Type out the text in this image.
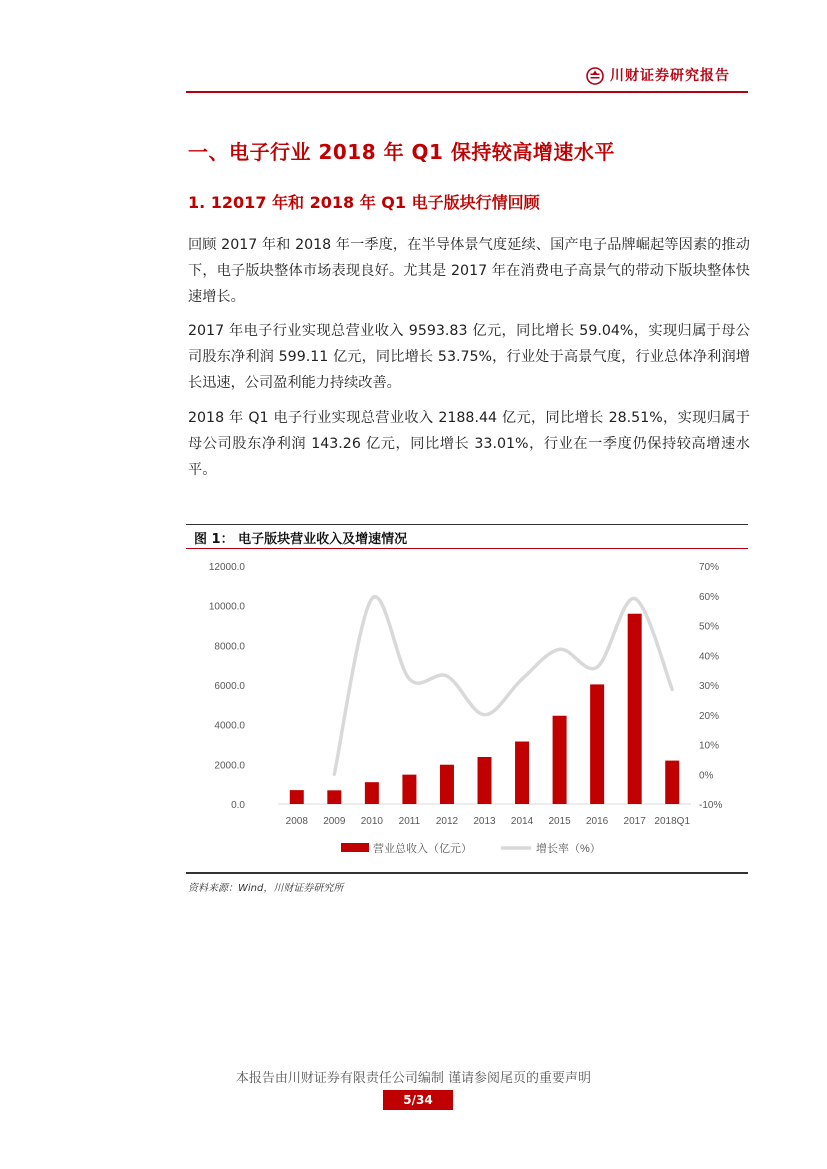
川财证券研究报告
一、电子行业 2018 年 Q1 保持较高增速水平
1. 12017 年和 2018 年 Q1 电子版块行情回顾
回顾 2017 年和 2018 年一季度，在半导体景气度延续、国产电子品牌崛起等因素的推动下，电子版块整体市场表现良好。尤其是 2017 年在消费电子高景气的带动下版块整体快速增长。
2017 年电子行业实现总营业收入 9593.83 亿元，同比增长 59.04%，实现归属于母公司股东净利润 599.11 亿元，同比增长 53.75%，行业处于高景气度，行业总体净利润增长迅速，公司盈利能力持续改善。
2018 年 Q1 电子行业实现总营业收入 2188.44 亿元，同比增长 28.51%，实现归属于母公司股东净利润 143.26 亿元，同比增长 33.01%，行业在一季度仍保持较高增速水平。
图 1： 电子版块营业收入及增速情况
0.0
2000.0
4000.0
6000.0
8000.0
10000.0
12000.0
-10%
0%
10%
20%
30%
40%
50%
60%
70%
2008 2009 2010 2011 2012 2013 2014 2015 2016 2017 2018Q1
营业总收入（亿元）	增长率（%）
资料来源：Wind，川财证券研究所
本报告由川财证券有限责任公司编制 谨请参阅尾页的重要声明
5/34
